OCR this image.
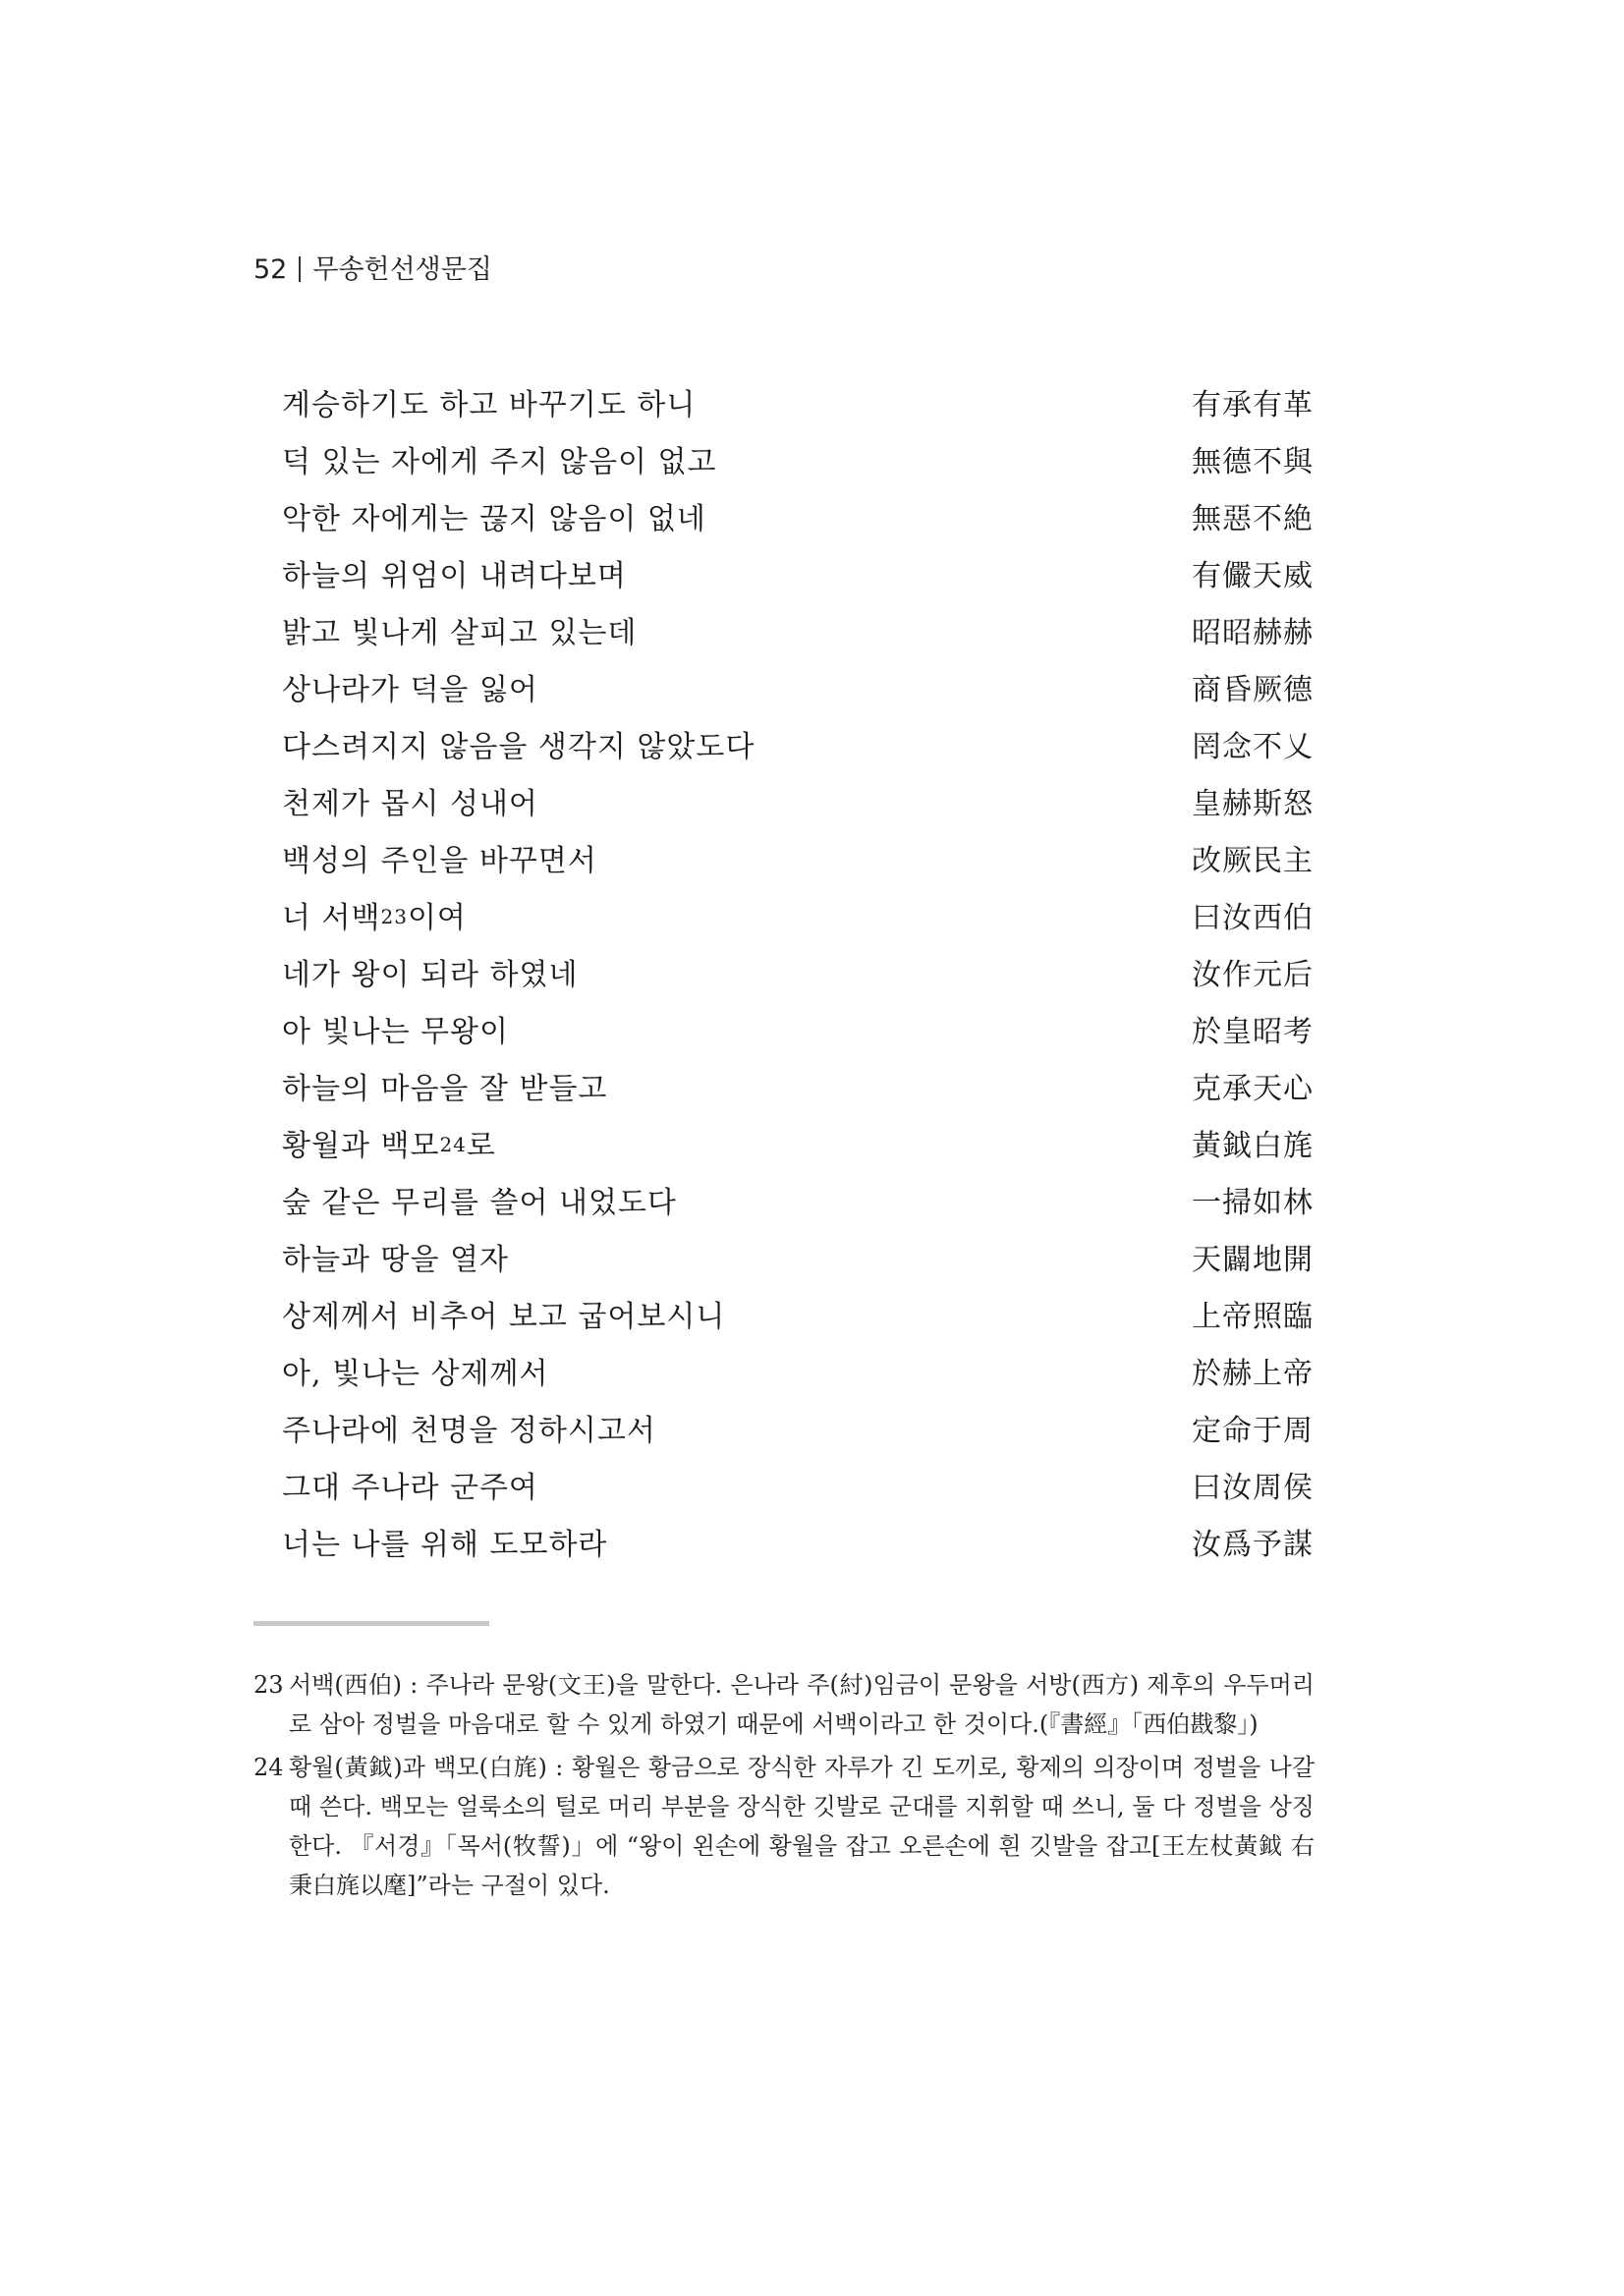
52 무송헌선생문집
계승하기도 하고 바꾸기도 하니	有承有革
덕 있는 자에게 주지 않음이 없고	無德不與
악한 자에게는 끊지 않음이 없네	無惡不絶
하늘의 위엄이 내려다보며	有儼天威
밝고 빛나게 살피고 있는데	昭昭赫赫
상나라가 덕을 잃어	商昏厥德
다스려지지 않음을 생각지 않았도다	罔念不乂
천제가 몹시 성내어	皇赫斯怒
백성의 주인을 바꾸면서	改厥民主
너 서백23이여	曰汝西伯
네가 왕이 되라 하였네	汝作元后
아 빛나는 무왕이	於皇昭考
하늘의 마음을 잘 받들고	克承天心
황월과 백모24로	黃鉞白旄
숲 같은 무리를 쓸어 내었도다	一掃如林
하늘과 땅을 열자	天闢地開
상제께서 비추어 보고 굽어보시니	上帝照臨
아, 빛나는 상제께서	於赫上帝
주나라에 천명을 정하시고서	定命于周
그대 주나라 군주여	曰汝周侯
너는 나를 위해 도모하라	汝爲予謀
23 서백(西伯) : 주나라 문왕(文王)을 말한다. 은나라 주(紂)임금이 문왕을 서방(西方) 제후의 우두머리로 삼아 정벌을 마음대로 할 수 있게 하였기 때문에 서백이라고 한 것이다.(『書經』「西伯戡黎」)
24 황월(黃鉞)과 백모(白旄) : 황월은 황금으로 장식한 자루가 긴 도끼로, 황제의 의장이며 정벌을 나갈 때 쓴다. 백모는 얼룩소의 털로 머리 부분을 장식한 깃발로 군대를 지휘할 때 쓰니, 둘 다 정벌을 상징한다. 『서경』「목서(牧誓)」에 “왕이 왼손에 황월을 잡고 오른손에 흰 깃발을 잡고[王左杖黃鉞 右秉白旄以麾]”라는 구절이 있다.
